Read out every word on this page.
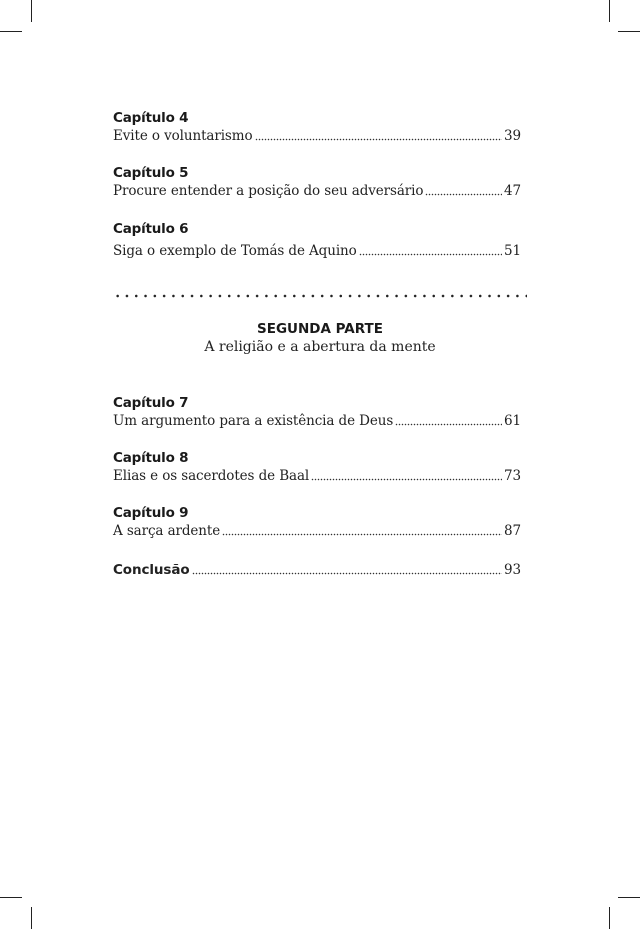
Capítulo 4
Evite o voluntarismo	39
Capítulo 5
Procure entender a posição do seu adversário	47
Capítulo 6
Siga o exemplo de Tomás de Aquino	51
SEGUNDA PARTE
A religião e a abertura da mente
Capítulo 7
Um argumento para a existência de Deus	61
Capítulo 8
Elias e os sacerdotes de Baal	73
Capítulo 9
A sarça ardente	87
Conclusão	93
